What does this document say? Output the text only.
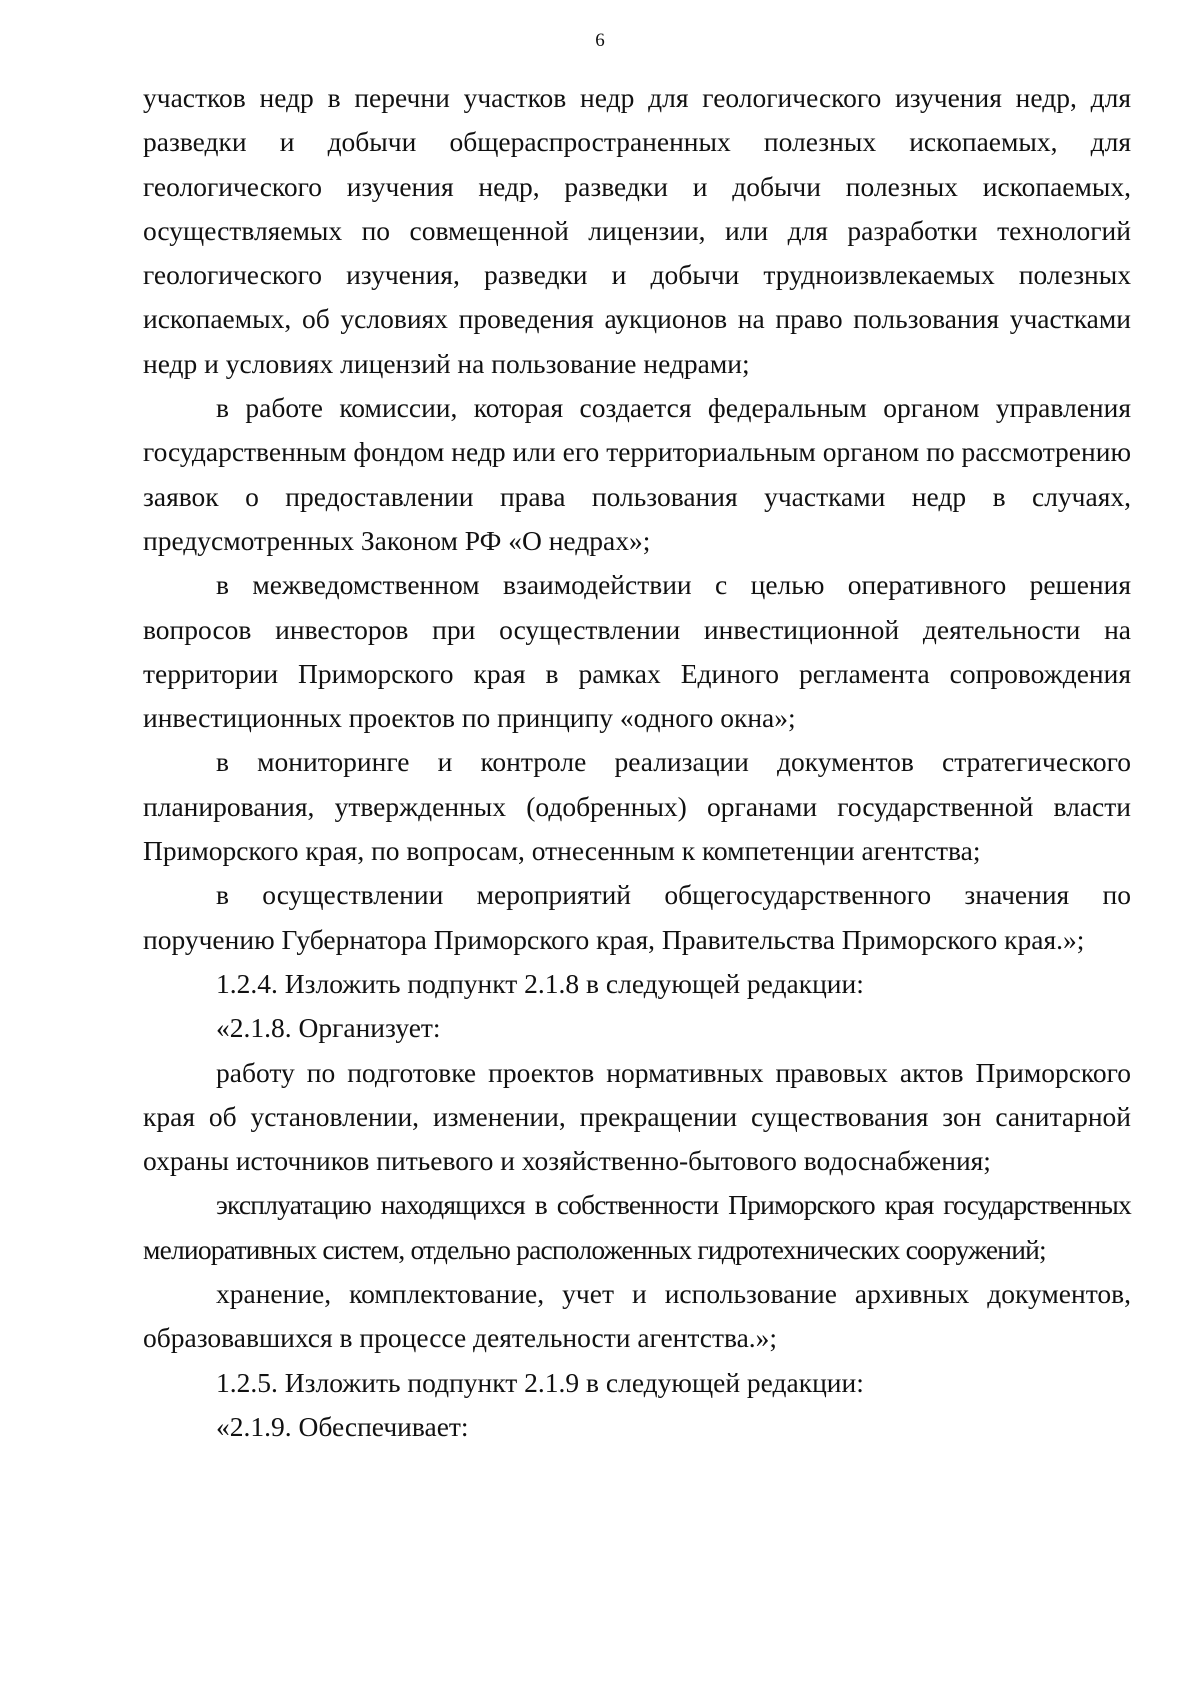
6

участков недр в перечни участков недр для геологического изучения недр, для разведки и добычи общераспространенных полезных ископаемых, для геологического изучения недр, разведки и добычи полезных ископаемых, осуществляемых по совмещенной лицензии, или для разработки технологий геологического изучения, разведки и добычи трудноизвлекаемых полезных ископаемых, об условиях проведения аукционов на право пользования участками недр и условиях лицензий на пользование недрами;

в работе комиссии, которая создается федеральным органом управления государственным фондом недр или его территориальным органом по рассмотрению заявок о предоставлении права пользования участками недр в случаях, предусмотренных Законом РФ «О недрах»;

в межведомственном взаимодействии с целью оперативного решения вопросов инвесторов при осуществлении инвестиционной деятельности на территории Приморского края в рамках Единого регламента сопровождения инвестиционных проектов по принципу «одного окна»;

в мониторинге и контроле реализации документов стратегического планирования, утвержденных (одобренных) органами государственной власти Приморского края, по вопросам, отнесенным к компетенции агентства;

в осуществлении мероприятий общегосударственного значения по поручению Губернатора Приморского края, Правительства Приморского края.»;

1.2.4. Изложить подпункт 2.1.8 в следующей редакции:

«2.1.8. Организует:

работу по подготовке проектов нормативных правовых актов Приморского края об установлении, изменении, прекращении существования зон санитарной охраны источников питьевого и хозяйственно-бытового водоснабжения;

эксплуатацию находящихся в собственности Приморского края государственных мелиоративных систем, отдельно расположенных гидротехнических сооружений;

хранение, комплектование, учет и использование архивных документов, образовавшихся в процессе деятельности агентства.»;

1.2.5. Изложить подпункт 2.1.9 в следующей редакции:

«2.1.9. Обеспечивает:
